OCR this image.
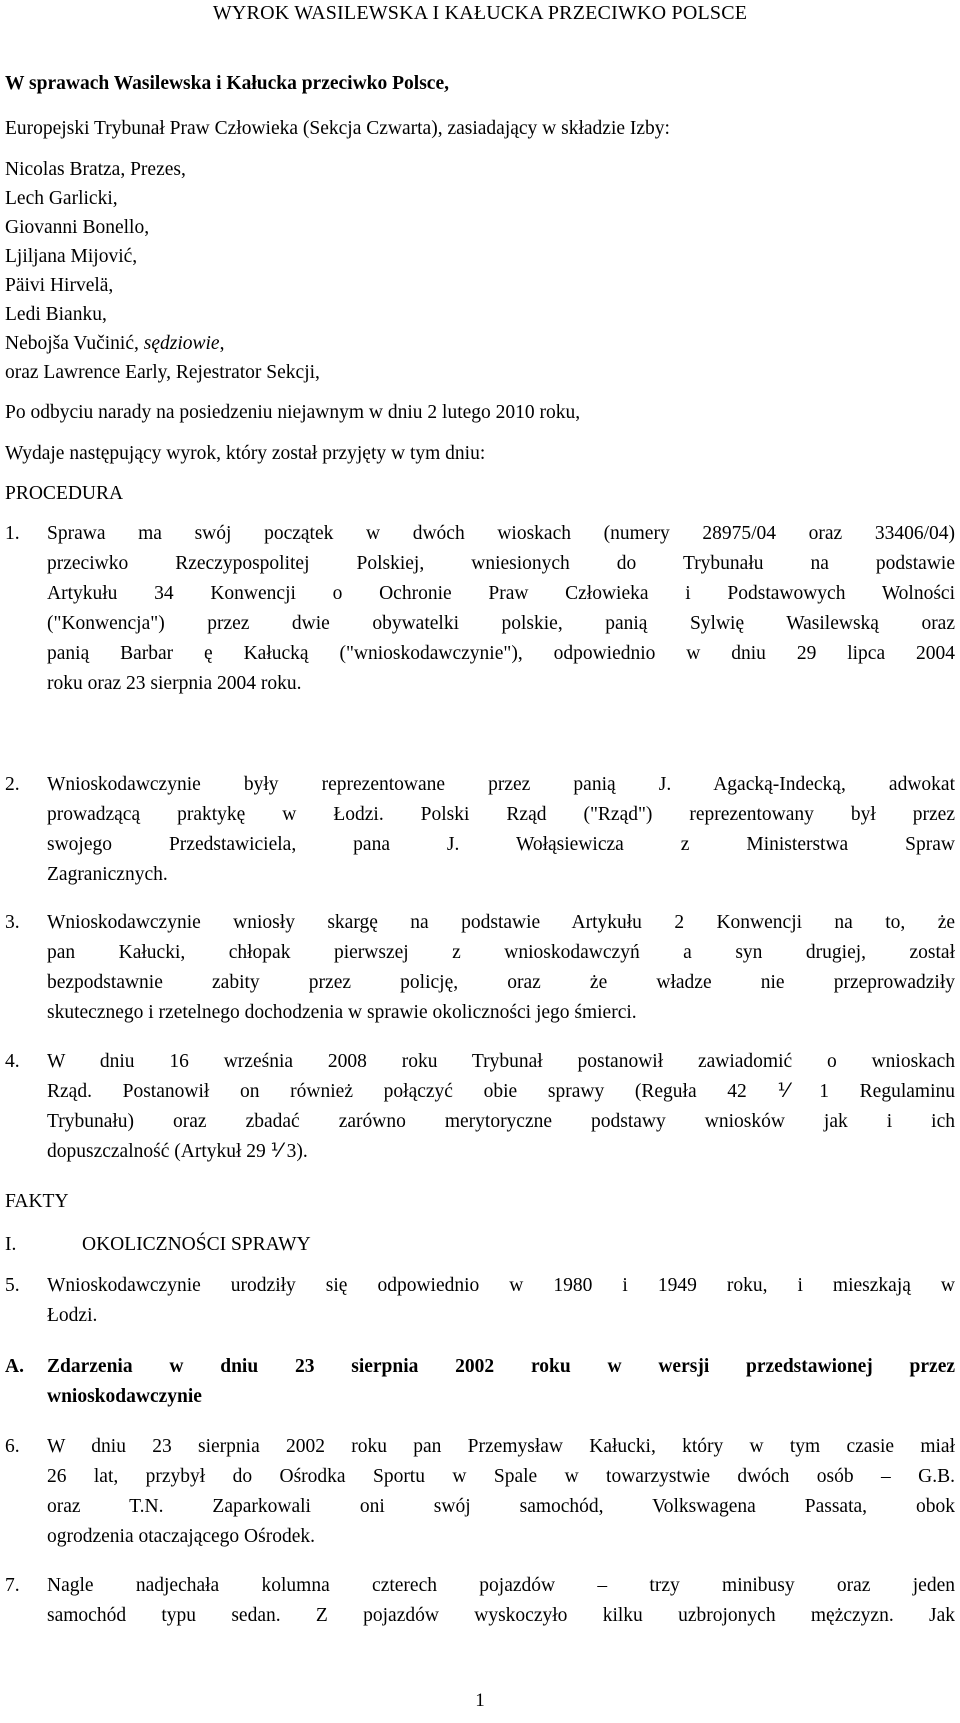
WYROK WASILEWSKA I KAŁUCKA PRZECIWKO POLSCE
W sprawach Wasilewska i Kałucka przeciwko Polsce,
Europejski Trybunał Praw Człowieka (Sekcja Czwarta), zasiadający w składzie Izby:
Nicolas Bratza, Prezes,
Lech Garlicki,
Giovanni Bonello,
Ljiljana Mijović,
Päivi Hirvelä,
Ledi Bianku,
Nebojša Vučinić, sędziowie,
oraz Lawrence Early, Rejestrator Sekcji,
Po odbyciu narady na posiedzeniu niejawnym w dniu 2 lutego 2010 roku,
Wydaje następujący wyrok, który został przyjęty w tym dniu:
PROCEDURA
1. Sprawa ma swój początek w dwóch wioskach (numery 28975/04 oraz 33406/04)
przeciwko Rzeczypospolitej Polskiej, wniesionych do Trybunału na podstawie
Artykułu 34 Konwencji o Ochronie Praw Człowieka i Podstawowych Wolności
("Konwencja") przez dwie obywatelki polskie, panią Sylwię Wasilewską oraz
panią Barbar ę Kałucką ("wnioskodawczynie"), odpowiednio w dniu 29 lipca 2004
roku oraz 23 sierpnia 2004 roku.
2. Wnioskodawczynie były reprezentowane przez panią J. Agacką-Indecką, adwokat
prowadzącą praktykę w Łodzi. Polski Rząd ("Rząd") reprezentowany był przez
swojego Przedstawiciela, pana J. Wołąsiewicza z Ministerstwa Spraw
Zagranicznych.
3. Wnioskodawczynie wniosły skargę na podstawie Artykułu 2 Konwencji na to, że
pan Kałucki, chłopak pierwszej z wnioskodawczyń a syn drugiej, został
bezpodstawnie zabity przez policję, oraz że władze nie przeprowadziły
skutecznego i rzetelnego dochodzenia w sprawie okoliczności jego śmierci.
4. W dniu 16 września 2008 roku Trybunał postanowił zawiadomić o wnioskach
Rząd. Postanowił on również połączyć obie sprawy (Reguła 42 ⅟ 1 Regulaminu
Trybunału) oraz zbadać zarówno merytoryczne podstawy wniosków jak i ich
dopuszczalność (Artykuł 29 ⅟ 3).
FAKTY
I.	OKOLICZNOŚCI SPRAWY
5. Wnioskodawczynie urodziły się odpowiednio w 1980 i 1949 roku, i mieszkają w
Łodzi.
A. Zdarzenia w dniu 23 sierpnia 2002 roku w wersji przedstawionej przez
wnioskodawczynie
6. W dniu 23 sierpnia 2002 roku pan Przemysław Kałucki, który w tym czasie miał
26 lat, przybył do Ośrodka Sportu w Spale w towarzystwie dwóch osób – G.B.
oraz T.N. Zaparkowali oni swój samochód, Volkswagena Passata, obok
ogrodzenia otaczającego Ośrodek.
7. Nagle nadjechała kolumna czterech pojazdów – trzy minibusy oraz jeden
samochód typu sedan. Z pojazdów wyskoczyło kilku uzbrojonych mężczyzn. Jak
1
